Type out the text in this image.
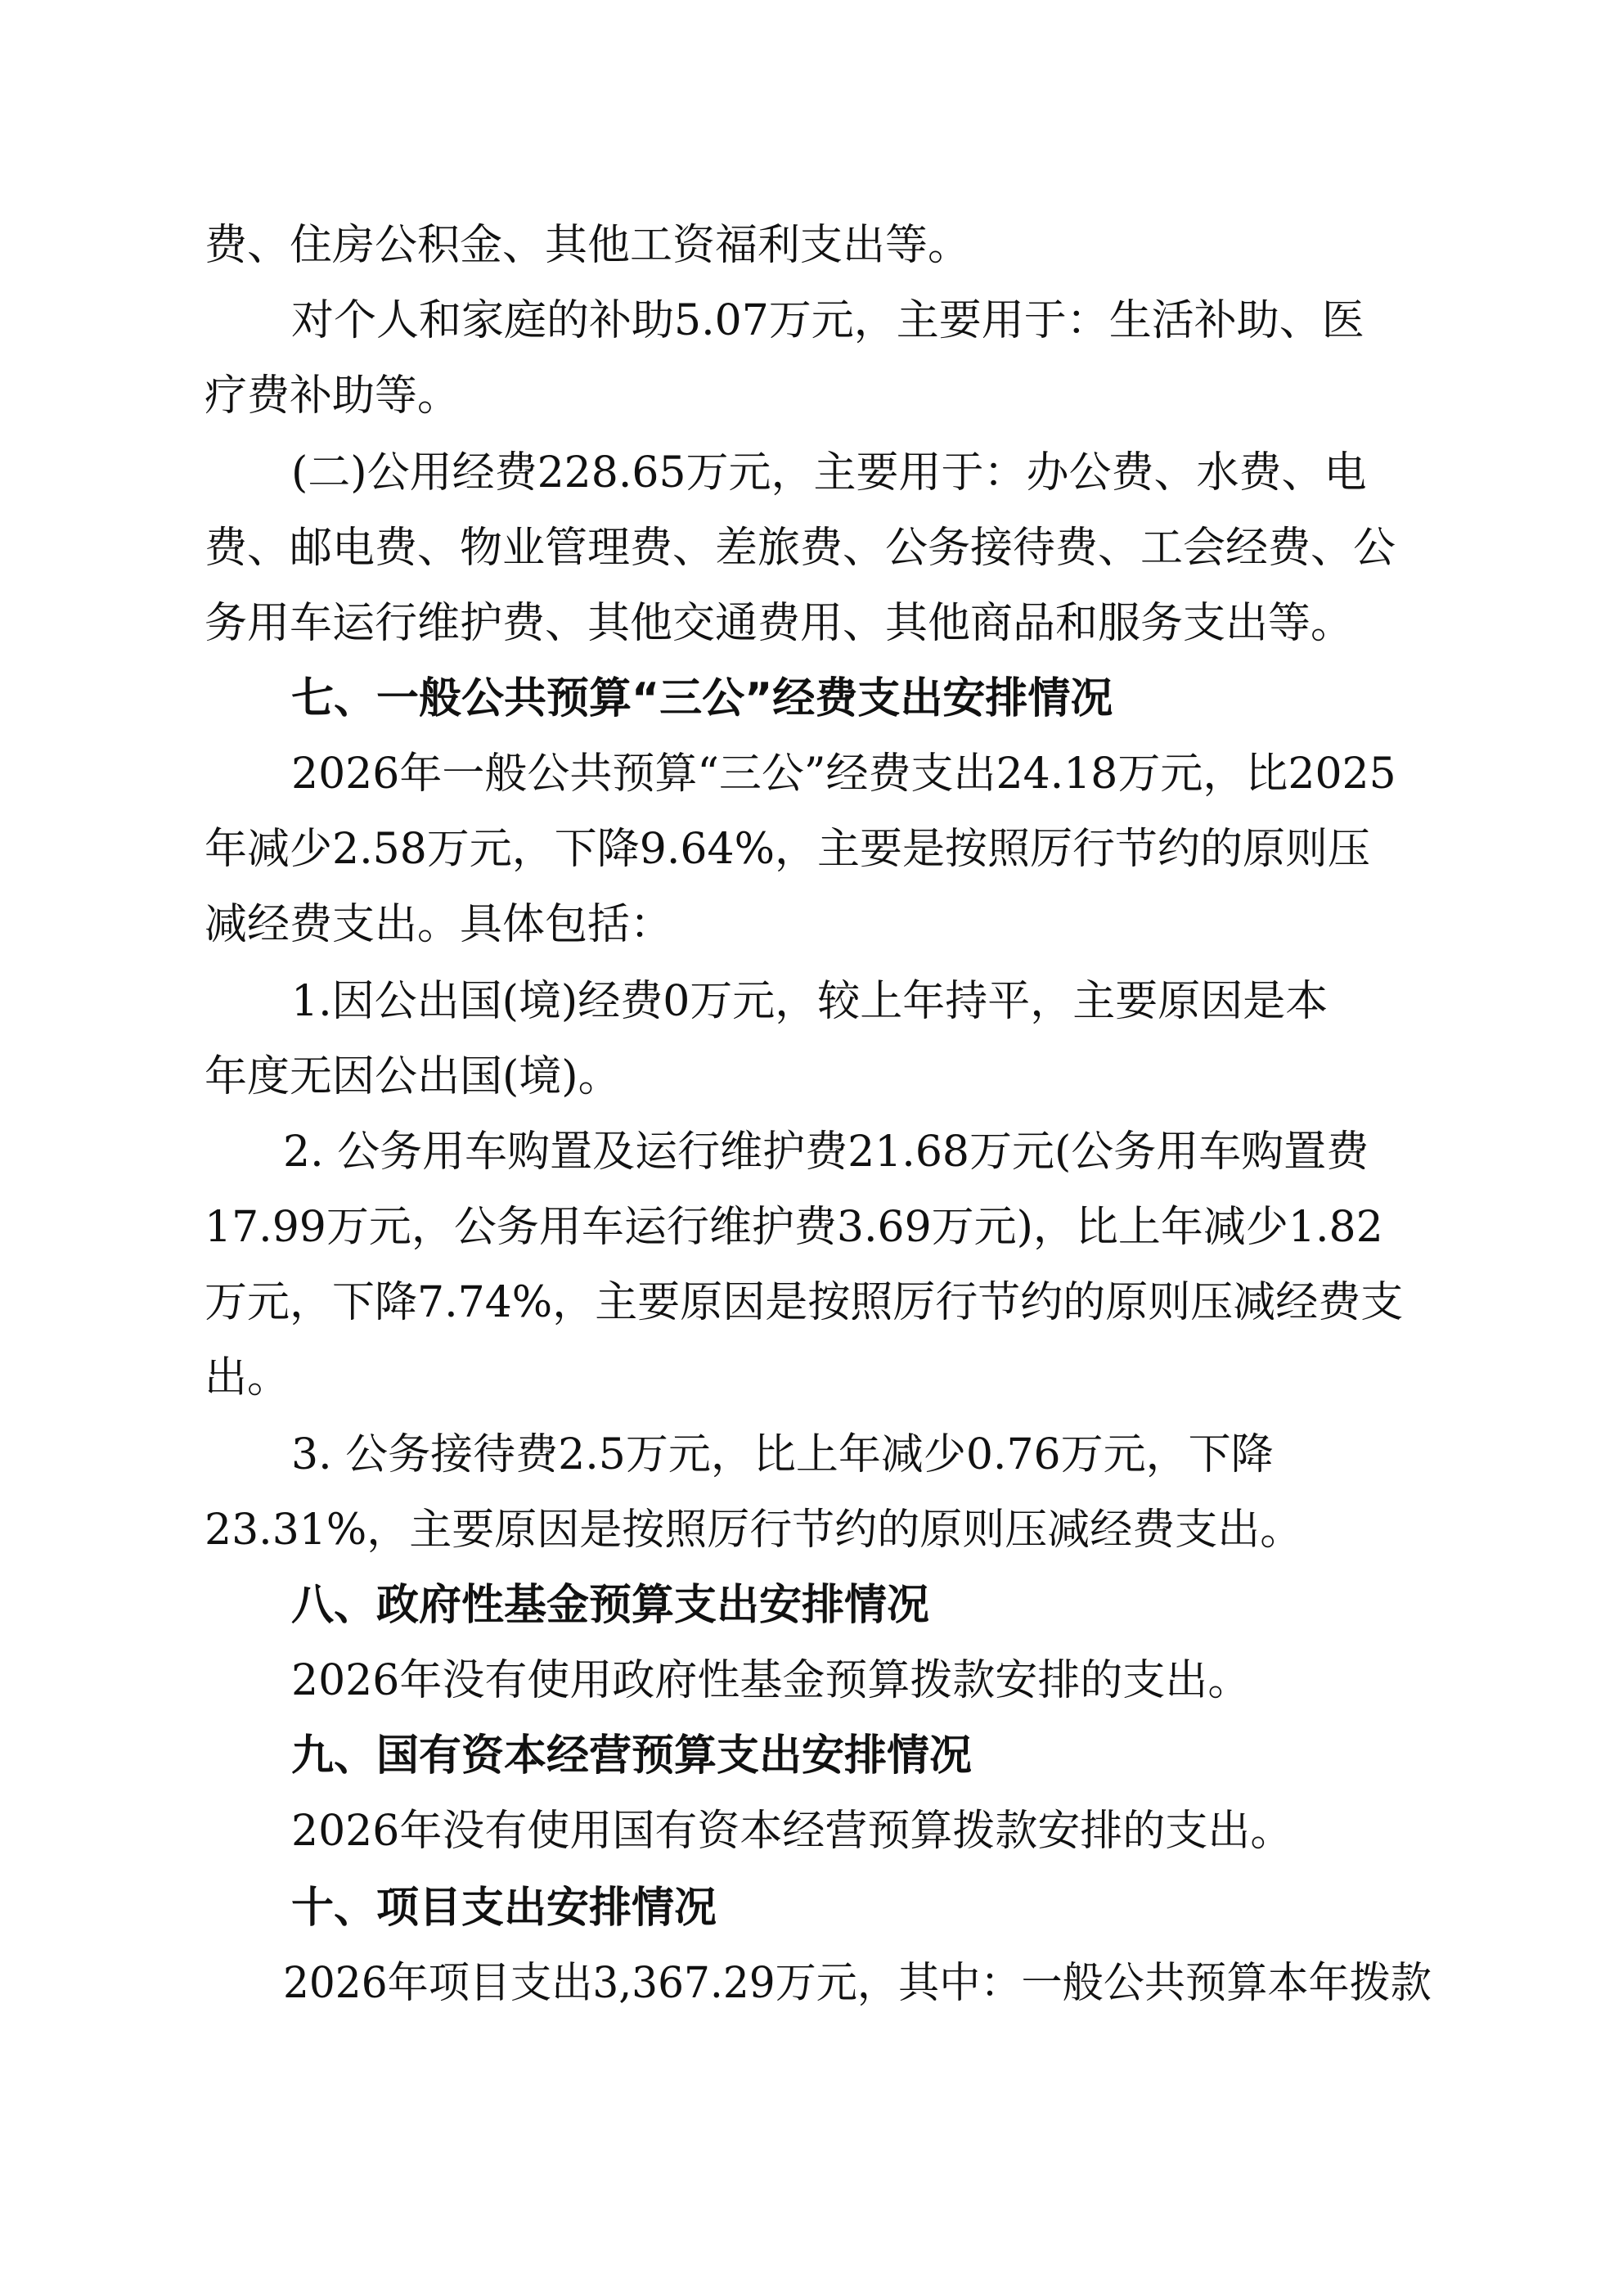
费、住房公积金、其他工资福利支出等。
对个人和家庭的补助5.07万元，主要用于：生活补助、医
疗费补助等。
(二)公用经费228.65万元，主要用于：办公费、水费、电
费、邮电费、物业管理费、差旅费、公务接待费、工会经费、公
务用车运行维护费、其他交通费用、其他商品和服务支出等。
七、一般公共预算“三公”经费支出安排情况
2026年一般公共预算“三公”经费支出24.18万元，比2025
年减少2.58万元，下降9.64%，主要是按照厉行节约的原则压
减经费支出。具体包括：
1.因公出国(境)经费0万元，较上年持平，主要原因是本
年度无因公出国(境)。
2. 公务用车购置及运行维护费21.68万元(公务用车购置费
17.99万元，公务用车运行维护费3.69万元)，比上年减少1.82
万元，下降7.74%，主要原因是按照厉行节约的原则压减经费支
出。
3. 公务接待费2.5万元，比上年减少0.76万元，下降
23.31%，主要原因是按照厉行节约的原则压减经费支出。
八、政府性基金预算支出安排情况
2026年没有使用政府性基金预算拨款安排的支出。
九、国有资本经营预算支出安排情况
2026年没有使用国有资本经营预算拨款安排的支出。
十、项目支出安排情况
2026年项目支出3,367.29万元，其中：一般公共预算本年拨款
